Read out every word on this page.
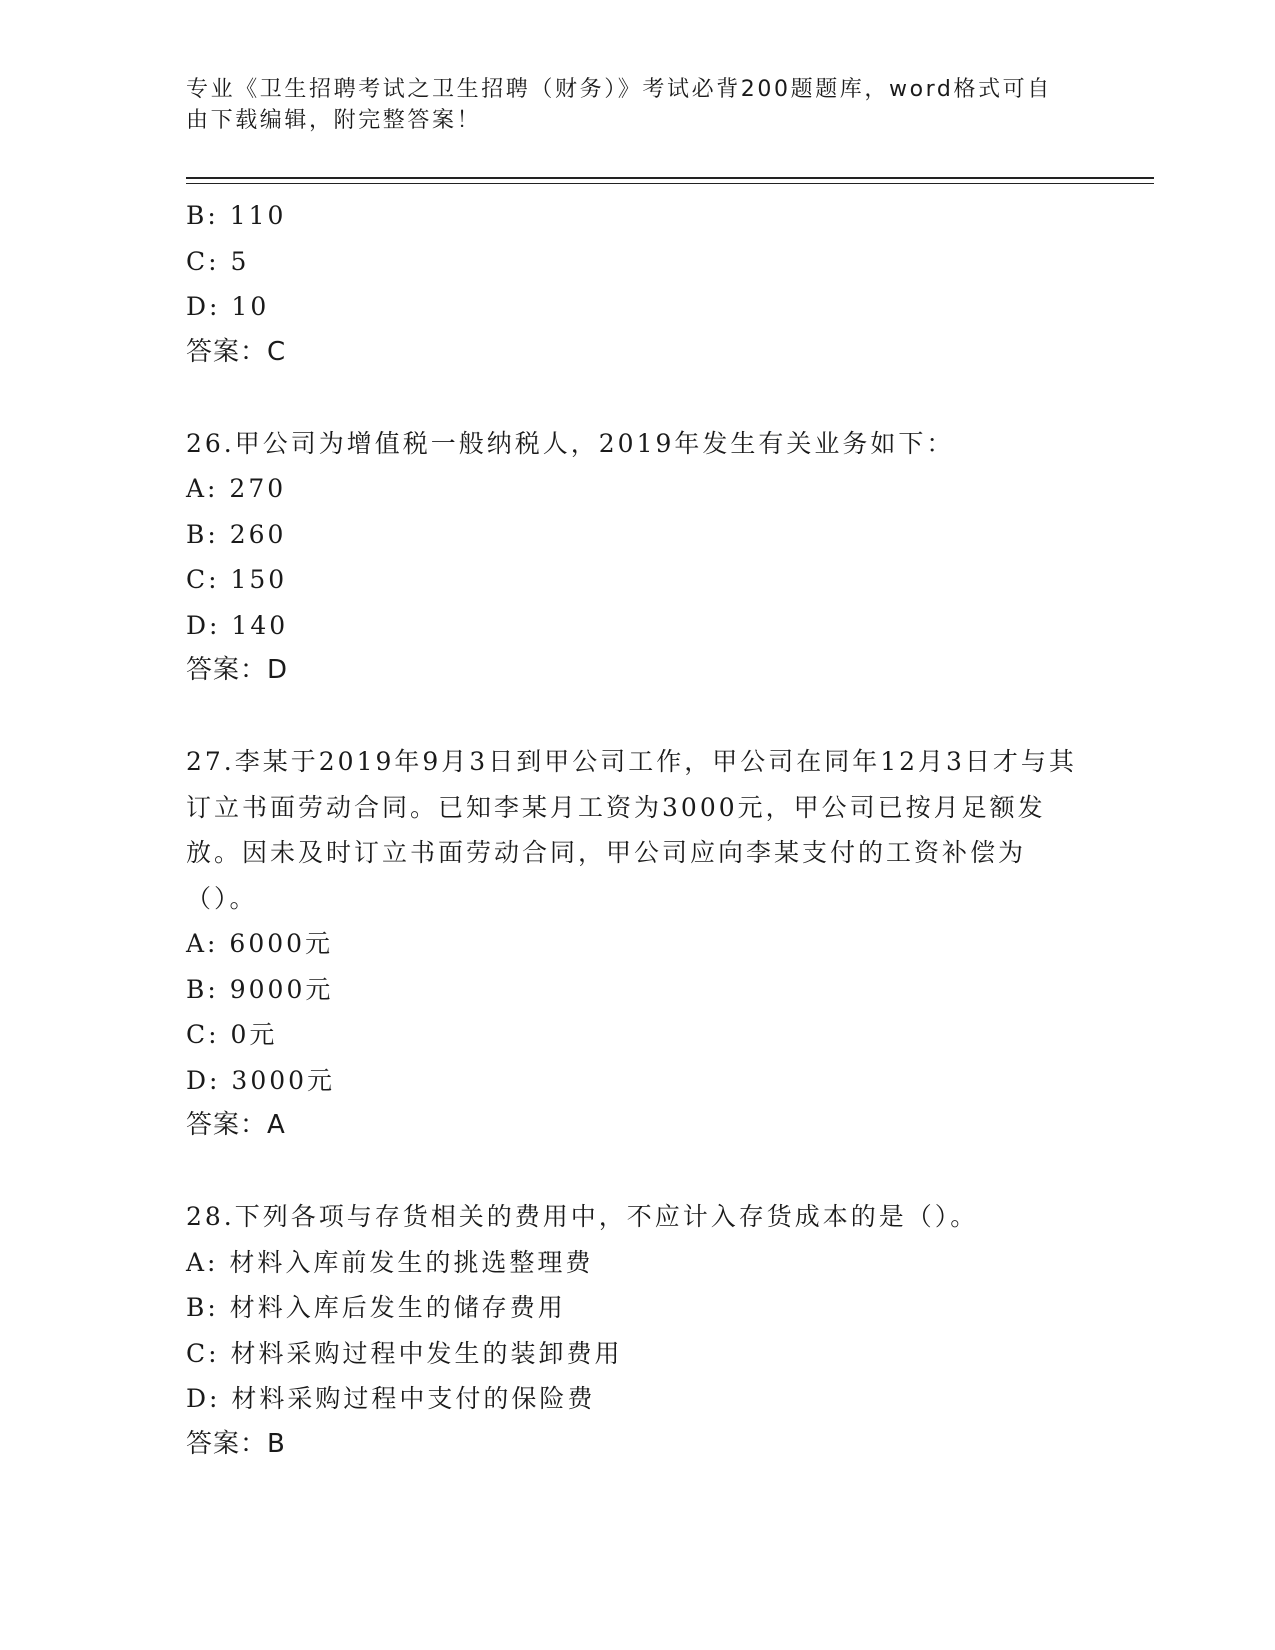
专业《卫生招聘考试之卫生招聘（财务）》考试必背200题题库，word格式可自由下载编辑，附完整答案！
B: 110
C: 5
D: 10
答案：C
26.甲公司为增值税一般纳税人，2019年发生有关业务如下：
A: 270
B: 260
C: 150
D: 140
答案：D
27.李某于2019年9月3日到甲公司工作，甲公司在同年12月3日才与其订立书面劳动合同。已知李某月工资为3000元，甲公司已按月足额发放。因未及时订立书面劳动合同，甲公司应向李某支付的工资补偿为（）。
A: 6000元
B: 9000元
C: 0元
D: 3000元
答案：A
28.下列各项与存货相关的费用中，不应计入存货成本的是（）。
A: 材料入库前发生的挑选整理费
B: 材料入库后发生的储存费用
C: 材料采购过程中发生的装卸费用
D: 材料采购过程中支付的保险费
答案：B
